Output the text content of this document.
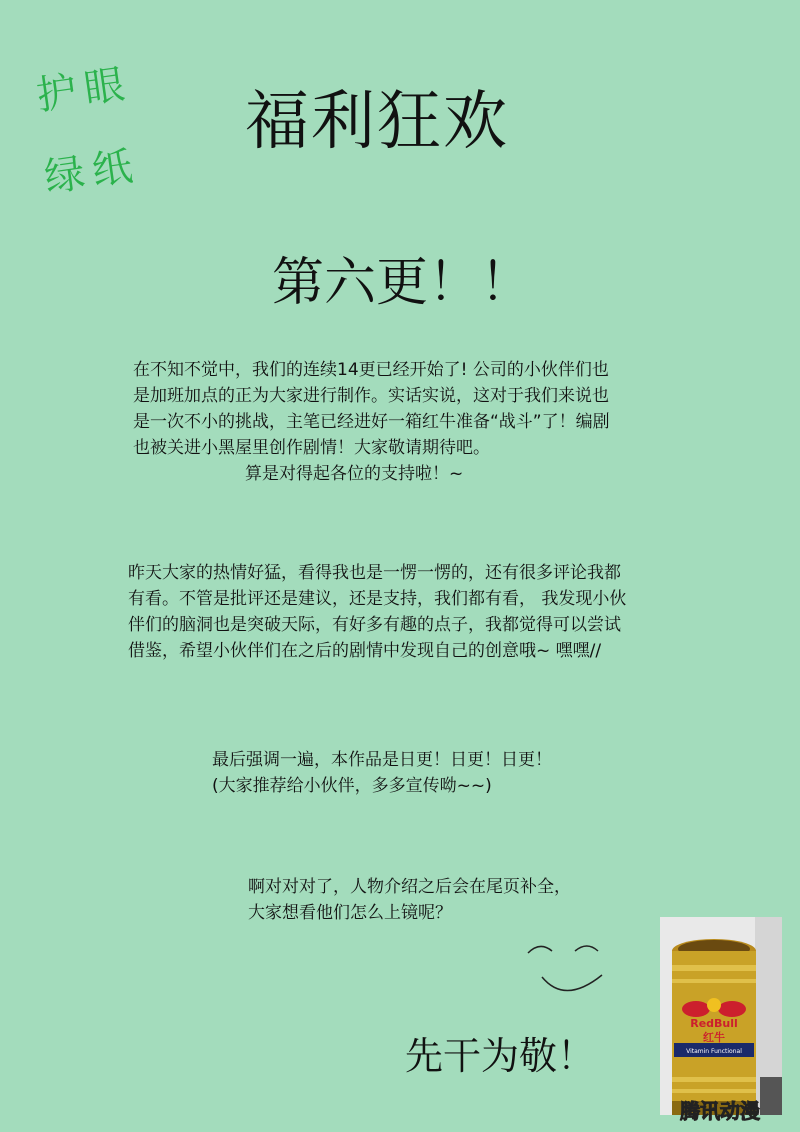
护眼
绿纸
福利狂欢
第六更！！

在不知不觉中，我们的连续14更已经开始了! 公司的小伙伴们也

是加班加点的正为大家进行制作。实话实说，这对于我们来说也

是一次不小的挑战，主笔已经进好一箱红牛准备“战斗”了！编剧

也被关进小黑屋里创作剧情！大家敬请期待吧。

算是对得起各位的支持啦！~

昨天大家的热情好猛，看得我也是一愣一愣的，还有很多评论我都

有看。不管是批评还是建议，还是支持，我们都有看， 我发现小伙

伴们的脑洞也是突破天际，有好多有趣的点子，我都觉得可以尝试

借鉴，希望小伙伴们在之后的剧情中发现自己的创意哦~ 嘿嘿//

最后强调一遍，本作品是日更！日更！日更！

(大家推荐给小伙伴，多多宣传呦~~)

啊对对对了，人物介绍之后会在尾页补全，

大家想看他们怎么上镜呢？

先干为敬！
RedBull
红牛
Vitamin Functional
腾讯动漫
